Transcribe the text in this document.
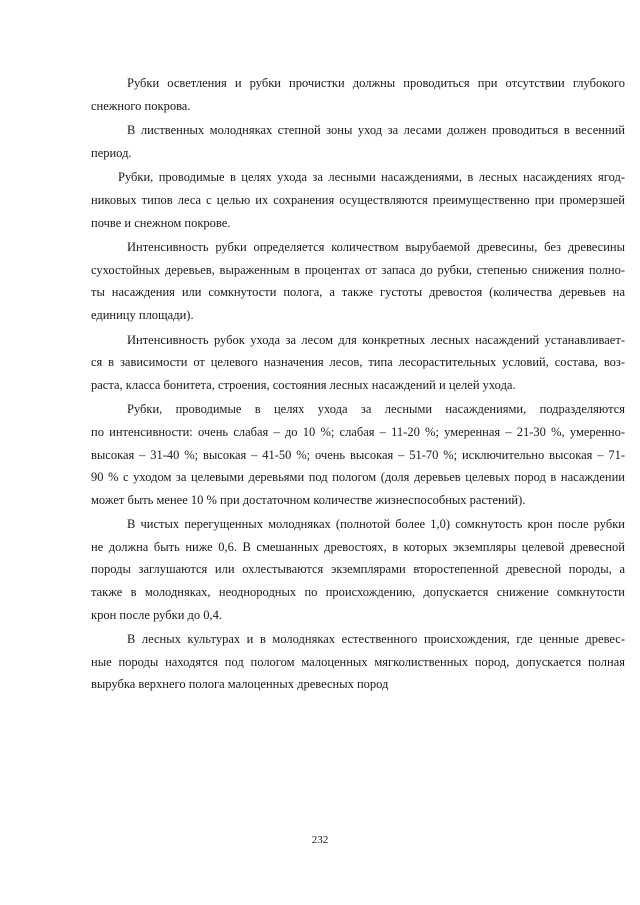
Рубки осветления и рубки прочистки должны проводиться при отсутствии глубокого
снежного покрова.

В лиственных молодняках степной зоны уход за лесами должен проводиться в весенний
период.

Рубки, проводимые в целях ухода за лесными насаждениями, в лесных насаждениях ягод-
никовых типов леса с целью их сохранения осуществляются преимущественно при промерзшей
почве и снежном покрове.

Интенсивность рубки определяется количеством вырубаемой древесины, без древесины
сухостойных деревьев, выраженным в процентах от запаса до рубки, степенью снижения полно-
ты насаждения или сомкнутости полога, а также густоты древостоя (количества деревьев на
единицу площади).

Интенсивность рубок ухода за лесом для конкретных лесных насаждений устанавливает-
ся в зависимости от целевого назначения лесов, типа лесорастительных условий, состава, воз-
раста, класса бонитета, строения, состояния лесных насаждений и целей ухода.

Рубки, проводимые в целях ухода за лесными насаждениями, подразделяются
по интенсивности: очень слабая – до 10 %; слабая – 11-20 %; умеренная – 21-30 %, умеренно-
высокая – 31-40 %; высокая – 41-50 %; очень высокая – 51-70 %; исключительно высокая – 71-
90 % с уходом за целевыми деревьями под пологом (доля деревьев целевых пород в насаждении
может быть менее 10 % при достаточном количестве жизнеспособных растений).

В чистых перегущенных молодняках (полнотой более 1,0) сомкнутость крон после рубки
не должна быть ниже 0,6. В смешанных древостоях, в которых экземпляры целевой древесной
породы заглушаются или охлестываются экземплярами второстепенной древесной породы, а
также в молодняках, неоднородных по происхождению, допускается снижение сомкнутости
крон после рубки до 0,4.

В лесных культурах и в молодняках естественного происхождения, где ценные древес-
ные породы находятся под пологом малоценных мягколиственных пород, допускается полная
вырубка верхнего полога малоценных древесных пород

232
